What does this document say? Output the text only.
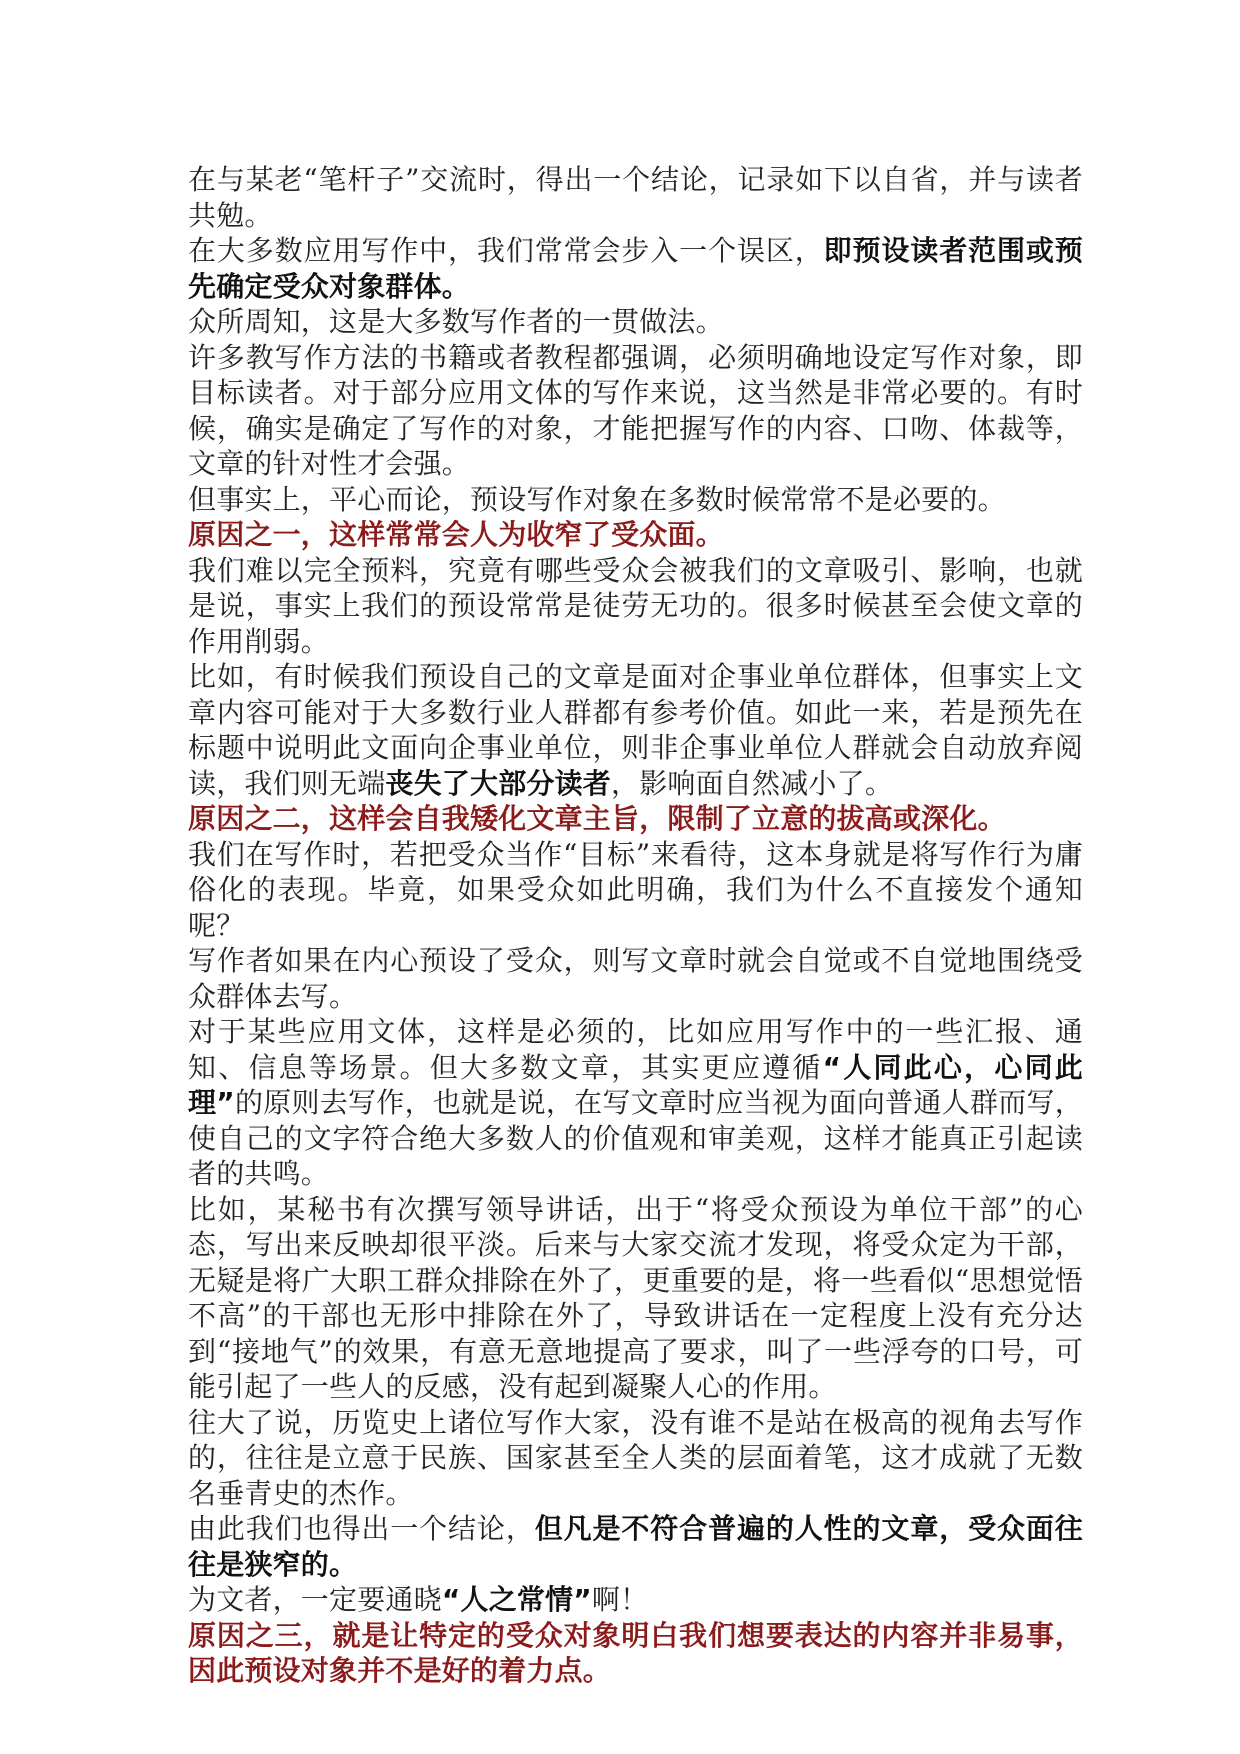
在与某老“笔杆子”交流时，得出一个结论，记录如下以自省，并与读者共勉。

在大多数应用写作中，我们常常会步入一个误区，即预设读者范围或预先确定受众对象群体。

众所周知，这是大多数写作者的一贯做法。

许多教写作方法的书籍或者教程都强调，必须明确地设定写作对象，即目标读者。对于部分应用文体的写作来说，这当然是非常必要的。有时候，确实是确定了写作的对象，才能把握写作的内容、口吻、体裁等，文章的针对性才会强。

但事实上，平心而论，预设写作对象在多数时候常常不是必要的。

原因之一，这样常常会人为收窄了受众面。

我们难以完全预料，究竟有哪些受众会被我们的文章吸引、影响，也就是说，事实上我们的预设常常是徒劳无功的。很多时候甚至会使文章的作用削弱。

比如，有时候我们预设自己的文章是面对企事业单位群体，但事实上文章内容可能对于大多数行业人群都有参考价值。如此一来，若是预先在标题中说明此文面向企事业单位，则非企事业单位人群就会自动放弃阅读，我们则无端丧失了大部分读者，影响面自然减小了。

原因之二，这样会自我矮化文章主旨，限制了立意的拔高或深化。

我们在写作时，若把受众当作“目标”来看待，这本身就是将写作行为庸俗化的表现。毕竟，如果受众如此明确，我们为什么不直接发个通知呢？

写作者如果在内心预设了受众，则写文章时就会自觉或不自觉地围绕受众群体去写。

对于某些应用文体，这样是必须的，比如应用写作中的一些汇报、通知、信息等场景。但大多数文章，其实更应遵循“人同此心，心同此理”的原则去写作，也就是说，在写文章时应当视为面向普通人群而写，使自己的文字符合绝大多数人的价值观和审美观，这样才能真正引起读者的共鸣。

比如，某秘书有次撰写领导讲话，出于“将受众预设为单位干部”的心态，写出来反映却很平淡。后来与大家交流才发现，将受众定为干部，无疑是将广大职工群众排除在外了，更重要的是，将一些看似“思想觉悟不高”的干部也无形中排除在外了，导致讲话在一定程度上没有充分达到“接地气”的效果，有意无意地提高了要求，叫了一些浮夸的口号，可能引起了一些人的反感，没有起到凝聚人心的作用。

往大了说，历览史上诸位写作大家，没有谁不是站在极高的视角去写作的，往往是立意于民族、国家甚至全人类的层面着笔，这才成就了无数名垂青史的杰作。

由此我们也得出一个结论，但凡是不符合普遍的人性的文章，受众面往往是狭窄的。

为文者，一定要通晓“人之常情”啊！

原因之三，就是让特定的受众对象明白我们想要表达的内容并非易事，因此预设对象并不是好的着力点。
